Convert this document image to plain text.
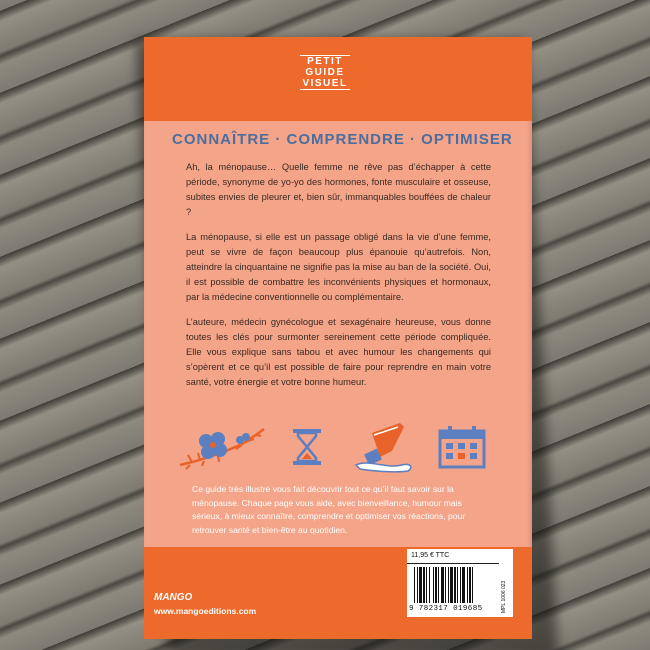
PETIT
GUIDE
VISUEL
CONNAÎTRE · COMPRENDRE · OPTIMISER

Ah, la ménopause… Quelle femme ne rêve pas d’échapper à cette période, synonyme de yo-yo des hormones, fonte musculaire et osseuse, subites envies de pleurer et, bien sûr, immanquables bouffées de chaleur ?

La ménopause, si elle est un passage obligé dans la vie d’une femme, peut se vivre de façon beaucoup plus épanouie qu’autrefois. Non, atteindre la cinquantaine ne signifie pas la mise au ban de la société. Oui, il est possible de combattre les inconvénients physiques et hormonaux, par la médecine conventionnelle ou complémentaire.

L’auteure, médecin gynécologue et sexagénaire heureuse, vous donne toutes les clés pour surmonter sereinement cette période compliquée. Elle vous explique sans tabou et avec humour les changements qui s’opèrent et ce qu’il est possible de faire pour reprendre en main votre santé, votre énergie et votre bonne humeur.

Ce guide très illustré vous fait découvrir tout ce qu’il faut savoir sur la ménopause. Chaque page vous aide, avec bienveillance, humour mais sérieux, à mieux connaître, comprendre et optimiser vos réactions, pour retrouver santé et bien-être au quotidien.
MANGO
www.mangoeditions.com
11,95 € TTC
9 782317 019685	MPL 1006 023
